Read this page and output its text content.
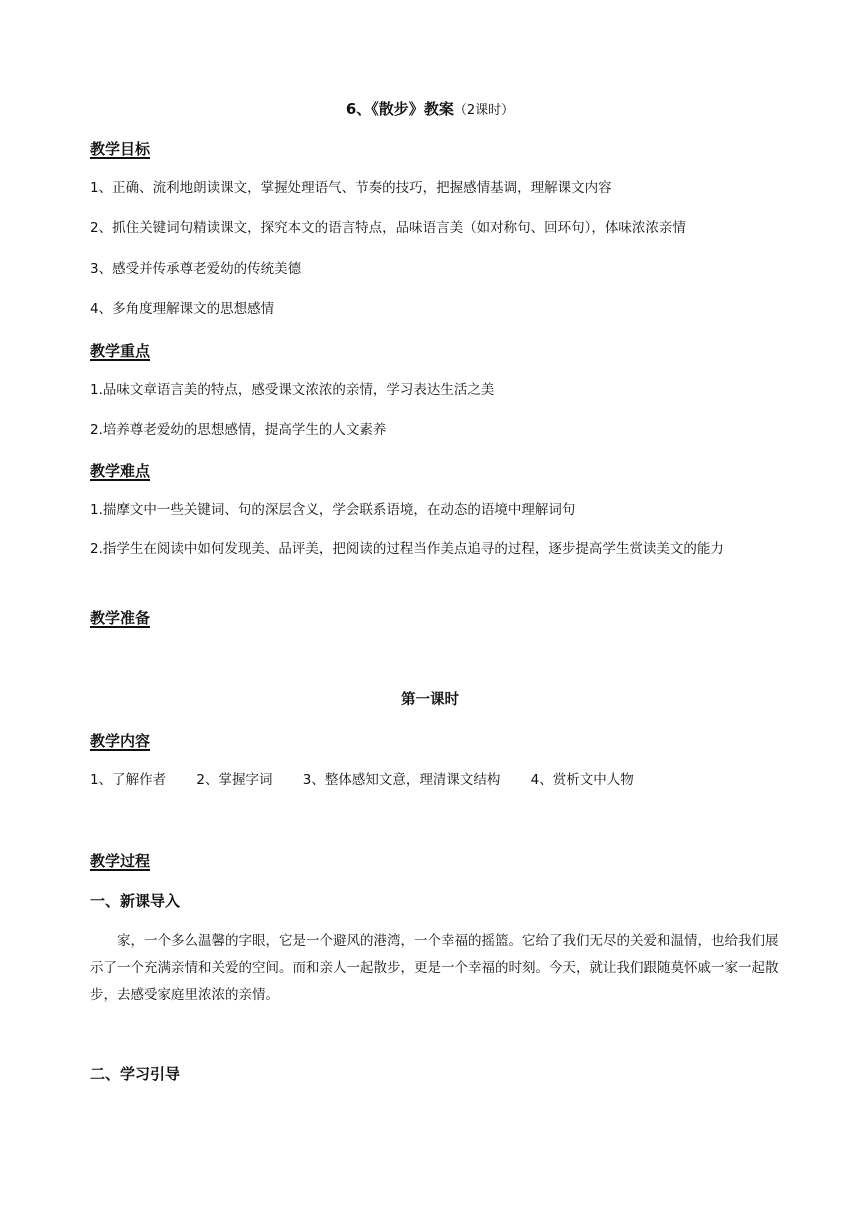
6、《散步》教案（2课时）
教学目标
1、正确、流利地朗读课文，掌握处理语气、节奏的技巧，把握感情基调，理解课文内容
2、抓住关键词句精读课文，探究本文的语言特点，品味语言美（如对称句、回环句），体味浓浓亲情
3、感受并传承尊老爱幼的传统美德
4、多角度理解课文的思想感情
教学重点
1.品味文章语言美的特点，感受课文浓浓的亲情，学习表达生活之美
2.培养尊老爱幼的思想感情，提高学生的人文素养
教学难点
1.揣摩文中一些关键词、句的深层含义，学会联系语境，在动态的语境中理解词句
2.指学生在阅读中如何发现美、品评美，把阅读的过程当作美点追寻的过程，逐步提高学生赏读美文的能力
教学准备
第一课时
教学内容
1、了解作者 2、掌握字词 3、整体感知文意，理清课文结构 4、赏析文中人物
教学过程
一、新课导入
家，一个多么温馨的字眼，它是一个避风的港湾，一个幸福的摇篮。它给了我们无尽的关爱和温情，也给我们展示了一个充满亲情和关爱的空间。而和亲人一起散步，更是一个幸福的时刻。今天，就让我们跟随莫怀戚一家一起散步，去感受家庭里浓浓的亲情。
二、学习引导
